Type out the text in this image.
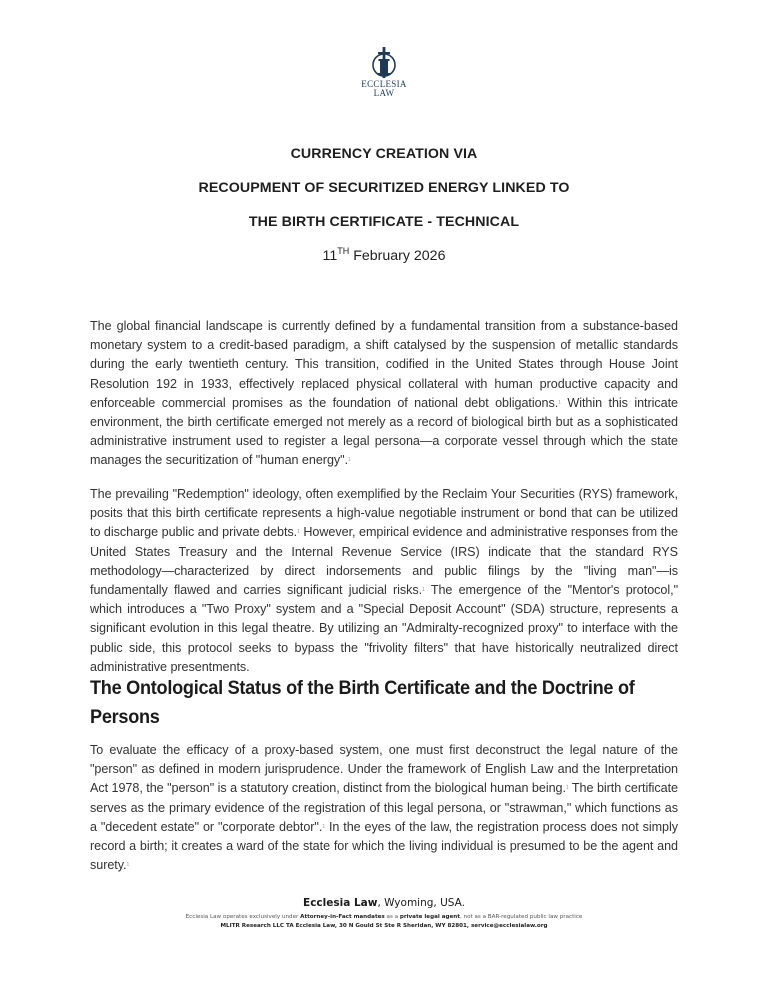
ECCLESIA
LAW
CURRENCY CREATION VIA
RECOUPMENT OF SECURITIZED ENERGY LINKED TO
THE BIRTH CERTIFICATE - TECHNICAL
11TH February 2026
The global financial landscape is currently defined by a fundamental transition from a substance-based monetary system to a credit-based paradigm, a shift catalysed by the suspension of metallic standards during the early twentieth century. This transition, codified in the United States through House Joint Resolution 192 in 1933, effectively replaced physical collateral with human productive capacity and enforceable commercial promises as the foundation of national debt obligations.$^1$ Within this intricate environment, the birth certificate emerged not merely as a record of biological birth but as a sophisticated administrative instrument used to register a legal persona—a corporate vessel through which the state manages the securitization of "human energy".$^1$
The prevailing "Redemption" ideology, often exemplified by the Reclaim Your Securities (RYS) framework, posits that this birth certificate represents a high-value negotiable instrument or bond that can be utilized to discharge public and private debts.$^1$ However, empirical evidence and administrative responses from the United States Treasury and the Internal Revenue Service (IRS) indicate that the standard RYS methodology—characterized by direct indorsements and public filings by the "living man"—is fundamentally flawed and carries significant judicial risks.$^1$ The emergence of the "Mentor's protocol," which introduces a "Two Proxy" system and a "Special Deposit Account" (SDA) structure, represents a significant evolution in this legal theatre. By utilizing an "Admiralty-recognized proxy" to interface with the public side, this protocol seeks to bypass the "frivolity filters" that have historically neutralized direct administrative presentments.
The Ontological Status of the Birth Certificate and the Doctrine of Persons
To evaluate the efficacy of a proxy-based system, one must first deconstruct the legal nature of the "person" as defined in modern jurisprudence. Under the framework of English Law and the Interpretation Act 1978, the "person" is a statutory creation, distinct from the biological human being.$^1$ The birth certificate serves as the primary evidence of the registration of this legal persona, or "strawman," which functions as a "decedent estate" or "corporate debtor".$^1$ In the eyes of the law, the registration process does not simply record a birth; it creates a ward of the state for which the living individual is presumed to be the agent and surety.$^1$
Ecclesia Law, Wyoming, USA.
Ecclesia Law operates exclusively under Attorney-in-Fact mandates as a private legal agent, not as a BAR-regulated public law practice
MLITR Research LLC TA Ecclesia Law, 30 N Gould St Ste R Sheridan, WY 82801, service@ecclesialaw.org
